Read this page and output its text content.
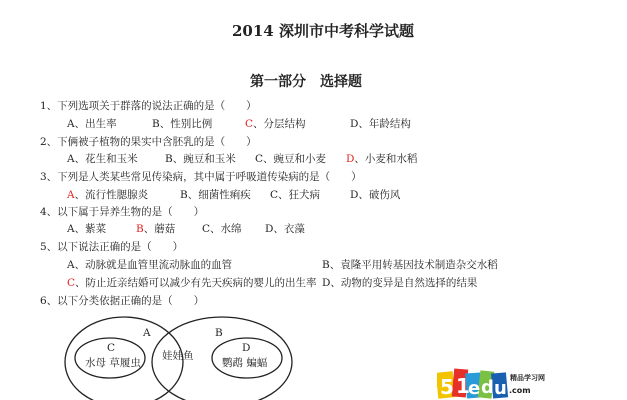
2014 深圳市中考科学试题
第一部分　选择题
1、下列选项关于群落的说法正确的是（　　）
A、出生率	B、性别比例	C、分层结构	D、年龄结构
2、下俩被子植物的果实中含胚乳的是（　　）
A、花生和玉米	B、豌豆和玉米 C、豌豆和小麦 D、小麦和水稻
3、下列是人类某些常见传染病，其中属于呼吸道传染病的是（　　）
A、流行性腮腺炎	B、细菌性痢疾 C、狂犬病	D、破伤风
4、以下属于异养生物的是（　　）
A、紫菜	B、蘑菇	C、水绵 D、衣藻
5、以下说法正确的是（　　）
A、动脉就是血管里流动脉血的血管	B、袁隆平用转基因技术制造杂交水稻
C、防止近亲结婚可以减少有先天疾病的婴儿的出生率 D、动物的变异是自然选择的结果
6、以下分类依据正确的是（　　）
A	B
C	D
水母 草履虫
娃娃鱼
鹦鹉 蝙蝠
5 1
e d u 精品学习网
.com
